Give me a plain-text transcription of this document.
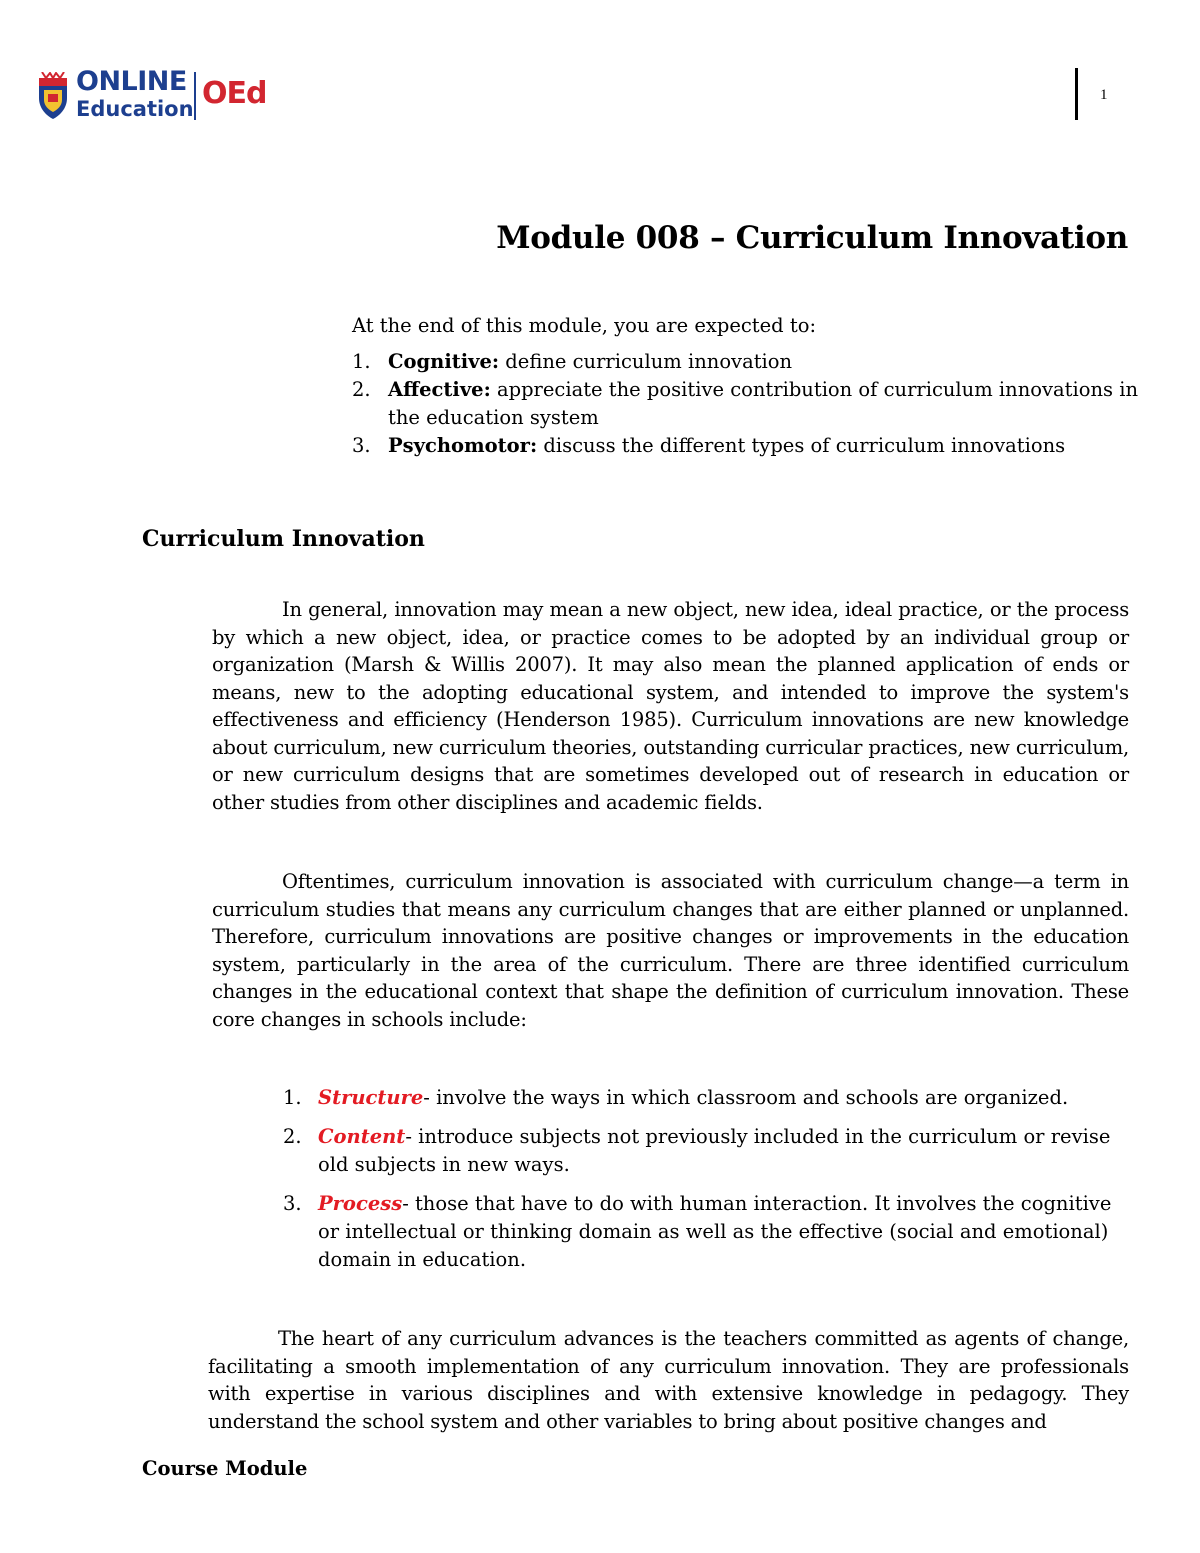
ONLINE
Education OEd	1
Module 008 – Curriculum Innovation

At the end of this module, you are expected to:

1. Cognitive: define curriculum innovation
2. Affective: appreciate the positive contribution of curriculum innovations in the education system
3. Psychomotor: discuss the different types of curriculum innovations
Curriculum Innovation

In general, innovation may mean a new object, new idea, ideal practice, or the process by which a new object, idea, or practice comes to be adopted by an individual group or organization (Marsh & Willis 2007). It may also mean the planned application of ends or means, new to the adopting educational system, and intended to improve the system's effectiveness and efficiency (Henderson 1985). Curriculum innovations are new knowledge about curriculum, new curriculum theories, outstanding curricular practices, new curriculum, or new curriculum designs that are sometimes developed out of research in education or other studies from other disciplines and academic fields.

Oftentimes, curriculum innovation is associated with curriculum change—a term in curriculum studies that means any curriculum changes that are either planned or unplanned. Therefore, curriculum innovations are positive changes or improvements in the education system, particularly in the area of the curriculum. There are three identified curriculum changes in the educational context that shape the definition of curriculum innovation. These core changes in schools include:

1. Structure- involve the ways in which classroom and schools are organized.
2. Content- introduce subjects not previously included in the curriculum or revise old subjects in new ways.
3. Process- those that have to do with human interaction. It involves the cognitive or intellectual or thinking domain as well as the effective (social and emotional) domain in education.

The heart of any curriculum advances is the teachers committed as agents of change, facilitating a smooth implementation of any curriculum innovation. They are professionals with expertise in various disciplines and with extensive knowledge in pedagogy. They understand the school system and other variables to bring about positive changes and

Course Module
